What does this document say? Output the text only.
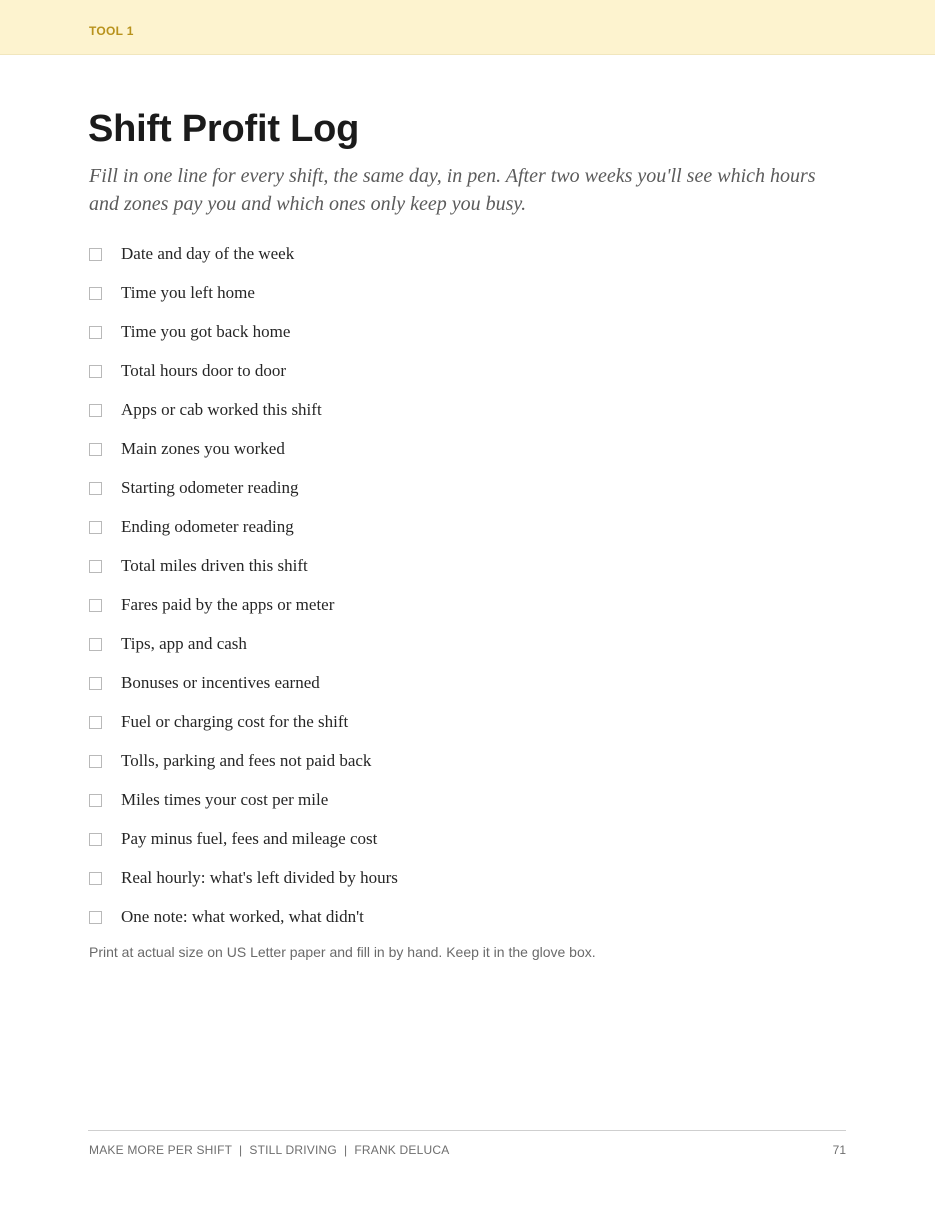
TOOL 1
Shift Profit Log

Fill in one line for every shift, the same day, in pen. After two weeks you'll see which hours and zones pay you and which ones only keep you busy.

Date and day of the week
Time you left home
Time you got back home
Total hours door to door
Apps or cab worked this shift
Main zones you worked
Starting odometer reading
Ending odometer reading
Total miles driven this shift
Fares paid by the apps or meter
Tips, app and cash
Bonuses or incentives earned
Fuel or charging cost for the shift
Tolls, parking and fees not paid back
Miles times your cost per mile
Pay minus fuel, fees and mileage cost
Real hourly: what's left divided by hours
One note: what worked, what didn't

Print at actual size on US Letter paper and fill in by hand. Keep it in the glove box.

MAKE MORE PER SHIFT  |  STILL DRIVING  |  FRANK DELUCA	71
